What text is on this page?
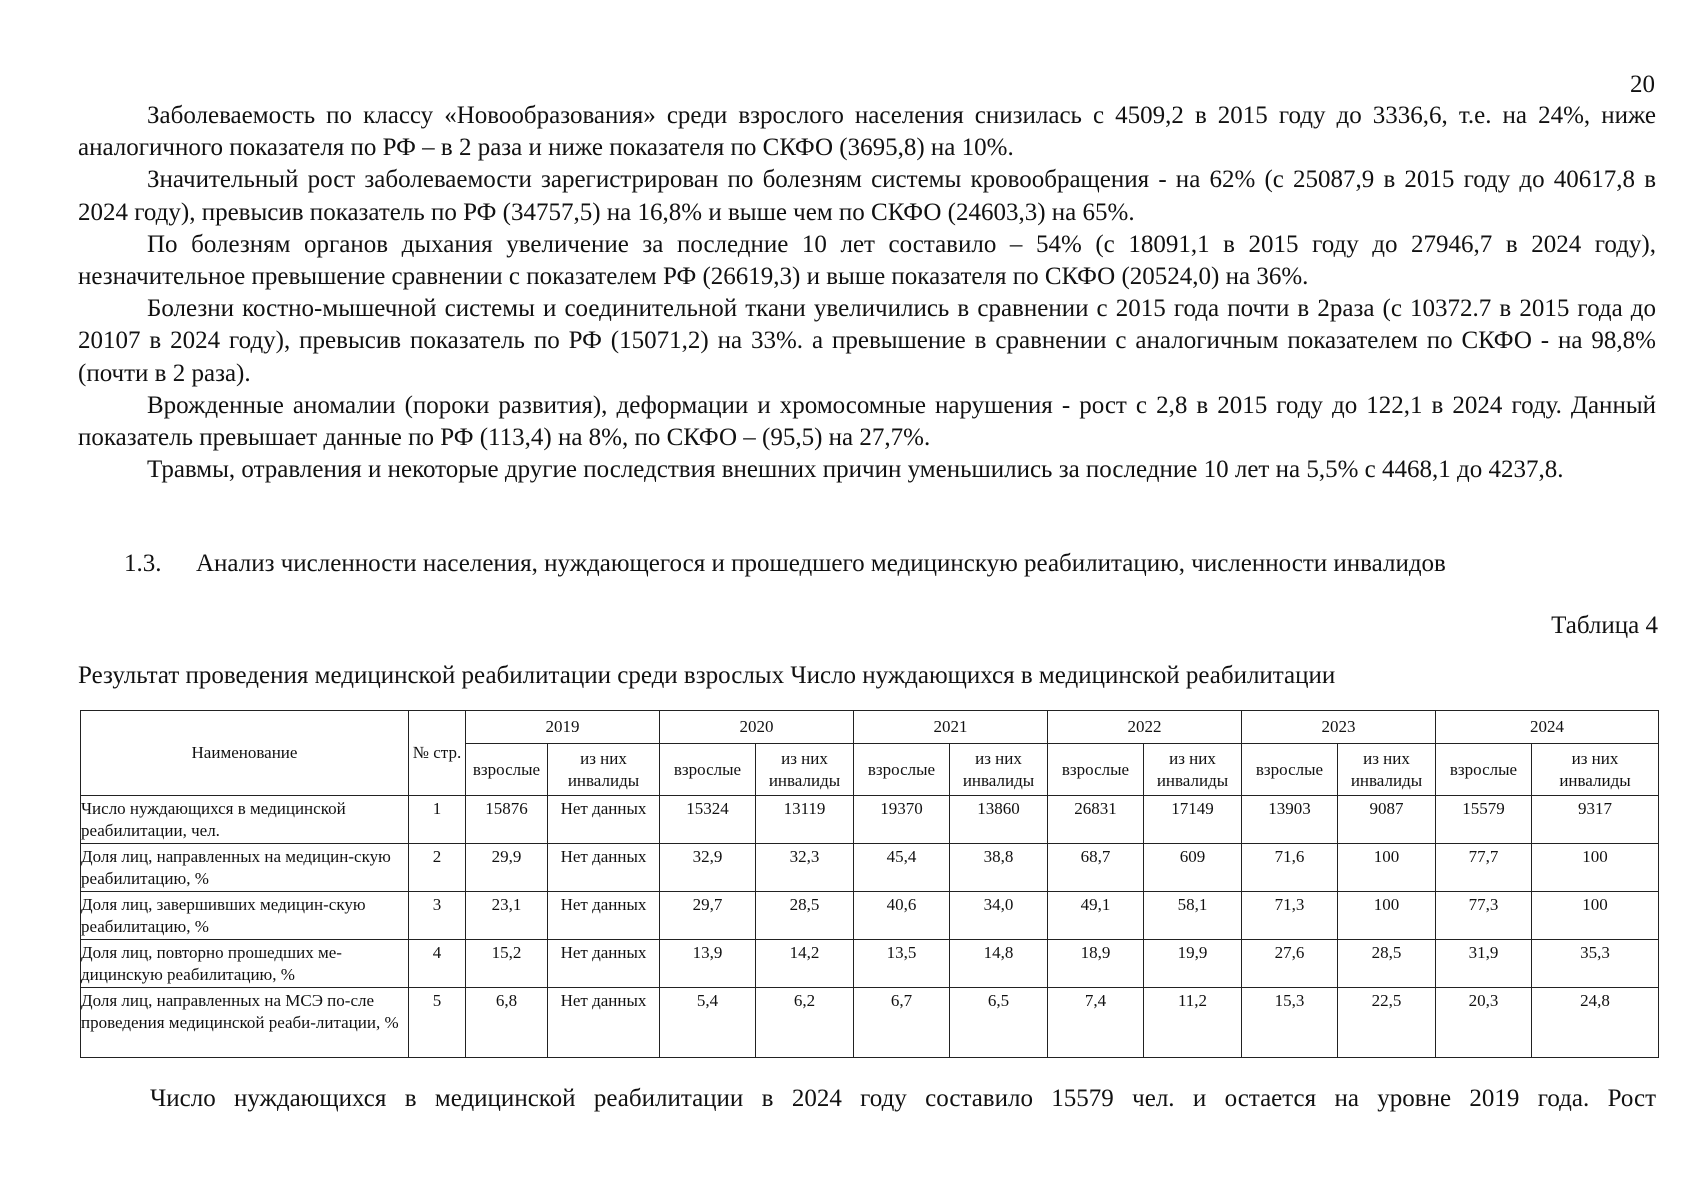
20

Заболеваемость по классу «Новообразования» среди взрослого населения снизилась с 4509,2 в 2015 году до 3336,6, т.е. на 24%, ниже аналогичного показателя по РФ – в 2 раза и ниже показателя по СКФО (3695,8) на 10%.

Значительный рост заболеваемости зарегистрирован по болезням системы кровообращения - на 62% (с 25087,9 в 2015 году до 40617,8 в 2024 году), превысив показатель по РФ (34757,5) на 16,8% и выше чем по СКФО (24603,3) на 65%.

По болезням органов дыхания увеличение за последние 10 лет составило – 54% (с 18091,1 в 2015 году до 27946,7 в 2024 году), незначительное превышение сравнении с показателем РФ (26619,3) и выше показателя по СКФО (20524,0) на 36%.

Болезни костно-мышечной системы и соединительной ткани увеличились в сравнении с 2015 года почти в 2раза (с 10372.7 в 2015 года до 20107 в 2024 году), превысив показатель по РФ (15071,2) на 33%. а превышение в сравнении с аналогичным показателем по СКФО - на 98,8% (почти в 2 раза).

Врожденные аномалии (пороки развития), деформации и хромосомные нарушения - рост с 2,8 в 2015 году до 122,1 в 2024 году. Данный показатель превышает данные по РФ (113,4) на 8%, по СКФО – (95,5) на 27,7%.

Травмы, отравления и некоторые другие последствия внешних причин уменьшились за последние 10 лет на 5,5% с 4468,1 до 4237,8.

1.3. Анализ численности населения, нуждающегося и прошедшего медицинскую реабилитацию, численности инвалидов
Таблица 4
Результат проведения медицинской реабилитации среди взрослых Число нуждающихся в медицинской реабилитации
Наименование	№ стр.	2019		2020		2021		2022		2023		2024	
		взрослые	из них инвалиды	взрослые	из них инвалиды	взрослые	из них инвалиды	взрослые	из них инвалиды	взрослые	из них инвалиды	взрослые	из них инвалиды
Число нуждающихся в медицинской реабилитации, чел.	1	15876	Нет данных	15324	13119	19370	13860	26831	17149	13903	9087	15579	9317
Доля лиц, направленных на медицин-скую реабилитацию, %	2	29,9	Нет данных	32,9	32,3	45,4	38,8	68,7	609	71,6	100	77,7	100
Доля лиц, завершивших медицин-скую реабилитацию, %	3	23,1	Нет данных	29,7	28,5	40,6	34,0	49,1	58,1	71,3	100	77,3	100
Доля лиц, повторно прошедших ме-дицинскую реабилитацию, %	4	15,2	Нет данных	13,9	14,2	13,5	14,8	18,9	19,9	27,6	28,5	31,9	35,3
Доля лиц, направленных на МСЭ по-сле проведения медицинской реаби-литации, %	5	6,8	Нет данных	5,4	6,2	6,7	6,5	7,4	11,2	15,3	22,5	20,3	24,8
Число нуждающихся в медицинской реабилитации в 2024 году составило 15579 чел. и остается на уровне 2019 года. Рост
